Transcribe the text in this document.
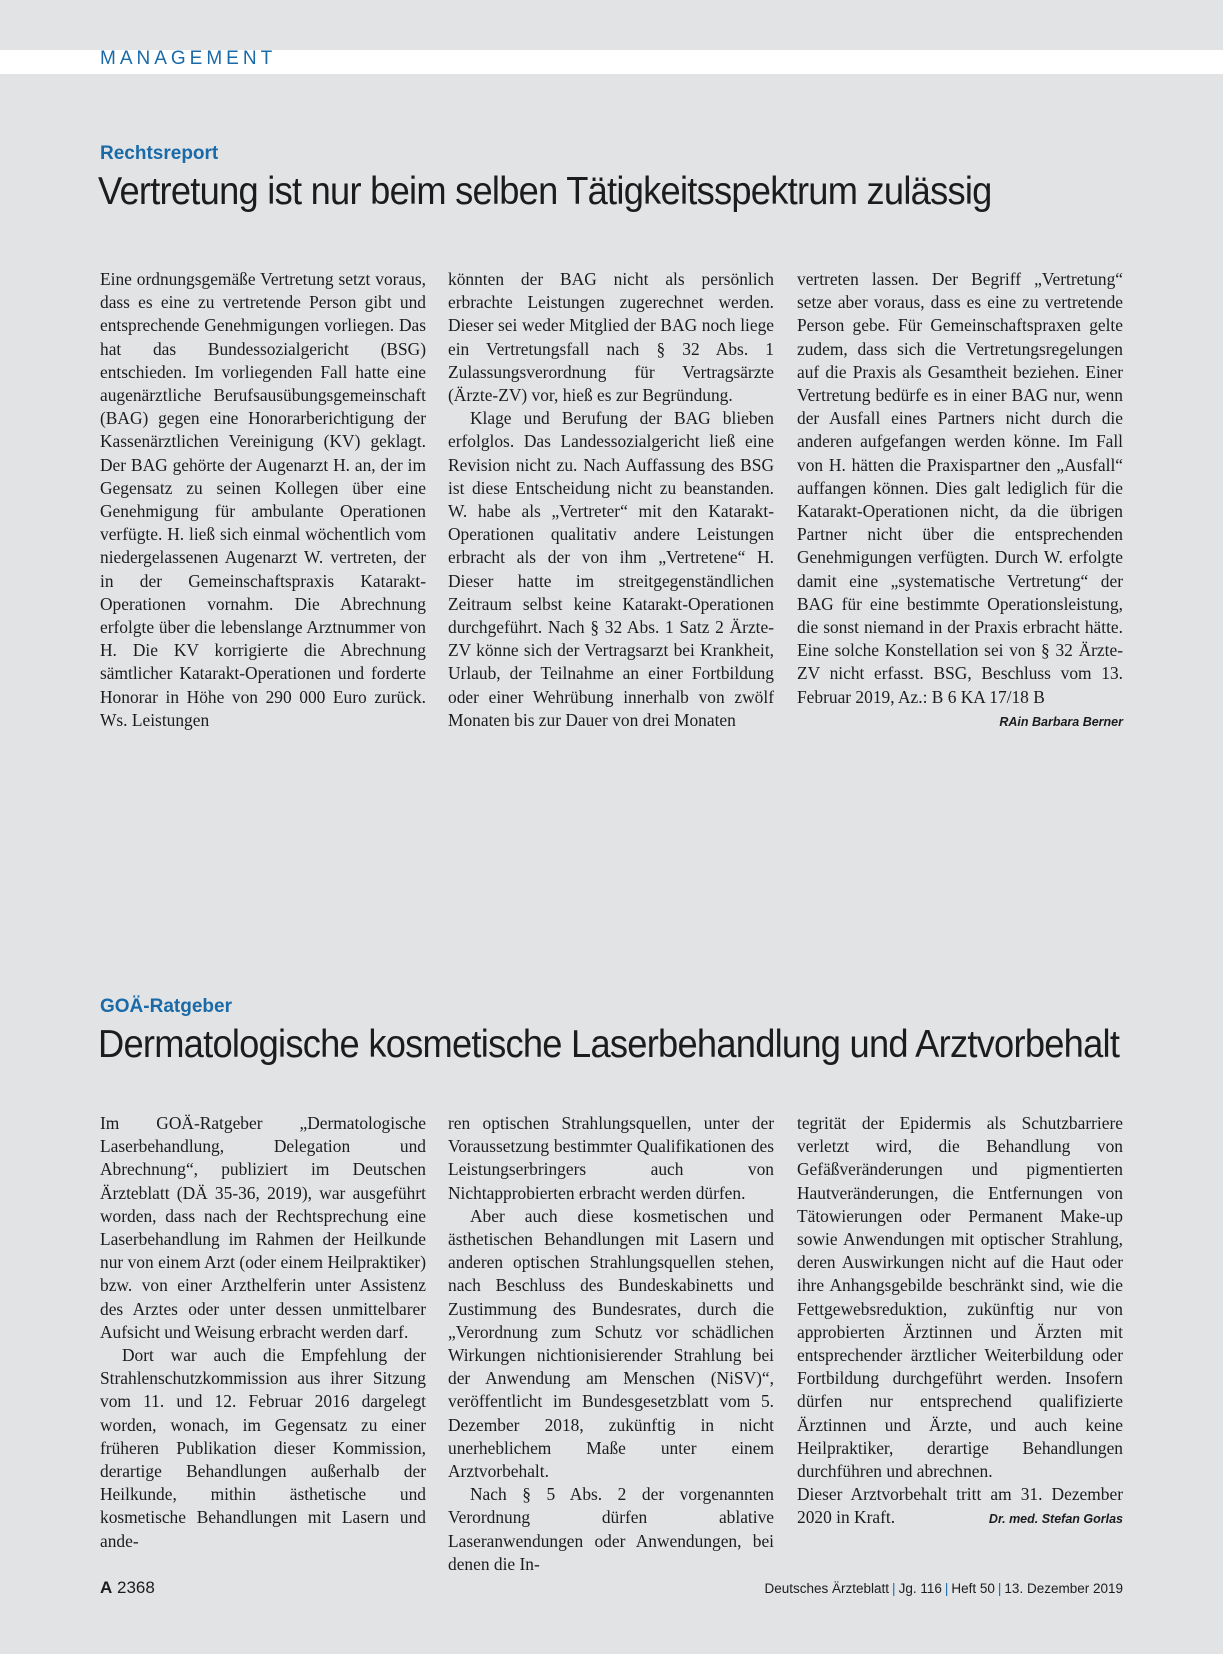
MANAGEMENT
Rechtsreport
Vertretung ist nur beim selben Tätigkeitsspektrum zulässig

Eine ordnungsgemäße Vertretung setzt voraus, dass es eine zu vertretende Person gibt und entsprechende Genehmigungen vorliegen. Das hat das Bundessozialgericht (BSG) entschieden. Im vorliegenden Fall hatte eine augenärztliche Berufsausübungsgemeinschaft (BAG) gegen eine Honorarberichtigung der Kassenärztlichen Vereinigung (KV) geklagt. Der BAG gehörte der Augenarzt H. an, der im Gegensatz zu seinen Kollegen über eine Genehmigung für ambulante Operationen verfügte. H. ließ sich einmal wöchentlich vom niedergelassenen Augenarzt W. vertreten, der in der Gemeinschaftspraxis Katarakt-Operationen vornahm. Die Abrechnung erfolgte über die lebenslange Arztnummer von H. Die KV korrigierte die Abrechnung sämtlicher Katarakt-Operationen und forderte Honorar in Höhe von 290 000 Euro zurück. Ws. Leistungen

könnten der BAG nicht als persönlich erbrachte Leistungen zugerechnet werden. Dieser sei weder Mitglied der BAG noch liege ein Vertretungsfall nach § 32 Abs. 1 Zulassungsverordnung für Vertragsärzte (Ärzte-ZV) vor, hieß es zur Begründung.

Klage und Berufung der BAG blieben erfolglos. Das Landessozialgericht ließ eine Revision nicht zu. Nach Auffassung des BSG ist diese Entscheidung nicht zu beanstanden. W. habe als „Vertreter“ mit den Katarakt-Operationen qualitativ andere Leistungen erbracht als der von ihm „Vertretene“ H. Dieser hatte im streitgegenständlichen Zeitraum selbst keine Katarakt-Operationen durchgeführt. Nach § 32 Abs. 1 Satz 2 Ärzte-ZV könne sich der Vertragsarzt bei Krankheit, Urlaub, der Teilnahme an einer Fortbildung oder einer Wehrübung innerhalb von zwölf Monaten bis zur Dauer von drei Monaten

vertreten lassen. Der Begriff „Vertretung“ setze aber voraus, dass es eine zu vertretende Person gebe. Für Gemeinschaftspraxen gelte zudem, dass sich die Vertretungsregelungen auf die Praxis als Gesamtheit beziehen. Einer Vertretung bedürfe es in einer BAG nur, wenn der Ausfall eines Partners nicht durch die anderen aufgefangen werden könne. Im Fall von H. hätten die Praxispartner den „Ausfall“ auffangen können. Dies galt lediglich für die Katarakt-Operationen nicht, da die übrigen Partner nicht über die entsprechenden Genehmigungen verfügten. Durch W. erfolgte damit eine „systematische Vertretung“ der BAG für eine bestimmte Operationsleistung, die sonst niemand in der Praxis erbracht hätte. Eine solche Konstellation sei von § 32 Ärzte-ZV nicht erfasst. BSG, Beschluss vom 13. Februar 2019, Az.: B 6 KA 17/18 B
RAin Barbara Berner

GOÄ-Ratgeber
Dermatologische kosmetische Laserbehandlung und Arztvorbehalt

Im GOÄ-Ratgeber „Dermatologische Laserbehandlung, Delegation und Abrechnung“, publiziert im Deutschen Ärzteblatt (DÄ 35-36, 2019), war ausgeführt worden, dass nach der Rechtsprechung eine Laserbehandlung im Rahmen der Heilkunde nur von einem Arzt (oder einem Heilpraktiker) bzw. von einer Arzthelferin unter Assistenz des Arztes oder unter dessen unmittelbarer Aufsicht und Weisung erbracht werden darf.

Dort war auch die Empfehlung der Strahlenschutzkommission aus ihrer Sitzung vom 11. und 12. Februar 2016 dargelegt worden, wonach, im Gegensatz zu einer früheren Publikation dieser Kommission, derartige Behandlungen außerhalb der Heilkunde, mithin ästhetische und kosmetische Behandlungen mit Lasern und ande-

ren optischen Strahlungsquellen, unter der Voraussetzung bestimmter Qualifikationen des Leistungserbringers auch von Nichtapprobierten erbracht werden dürfen.

Aber auch diese kosmetischen und ästhetischen Behandlungen mit Lasern und anderen optischen Strahlungsquellen stehen, nach Beschluss des Bundeskabinetts und Zustimmung des Bundesrates, durch die „Verordnung zum Schutz vor schädlichen Wirkungen nichtionisierender Strahlung bei der Anwendung am Menschen (NiSV)“, veröffentlicht im Bundesgesetzblatt vom 5. Dezember 2018, zukünftig in nicht unerheblichem Maße unter einem Arztvorbehalt.

Nach § 5 Abs. 2 der vorgenannten Verordnung dürfen ablative Laseranwendungen oder Anwendungen, bei denen die In-

tegrität der Epidermis als Schutzbarriere verletzt wird, die Behandlung von Gefäßveränderungen und pigmentierten Hautveränderungen, die Entfernungen von Tätowierungen oder Permanent Make-up sowie Anwendungen mit optischer Strahlung, deren Auswirkungen nicht auf die Haut oder ihre Anhangsgebilde beschränkt sind, wie die Fettgewebsreduktion, zukünftig nur von approbierten Ärztinnen und Ärzten mit entsprechender ärztlicher Weiterbildung oder Fortbildung durchgeführt werden. Insofern dürfen nur entsprechend qualifizierte Ärztinnen und Ärzte, und auch keine Heilpraktiker, derartige Behandlungen durchführen und abrechnen.

Dieser Arztvorbehalt tritt am 31. Dezember 2020 in Kraft.	Dr. med. Stefan Gorlas

A 2368	Deutsches Ärzteblatt | Jg. 116 | Heft 50 | 13. Dezember 2019
